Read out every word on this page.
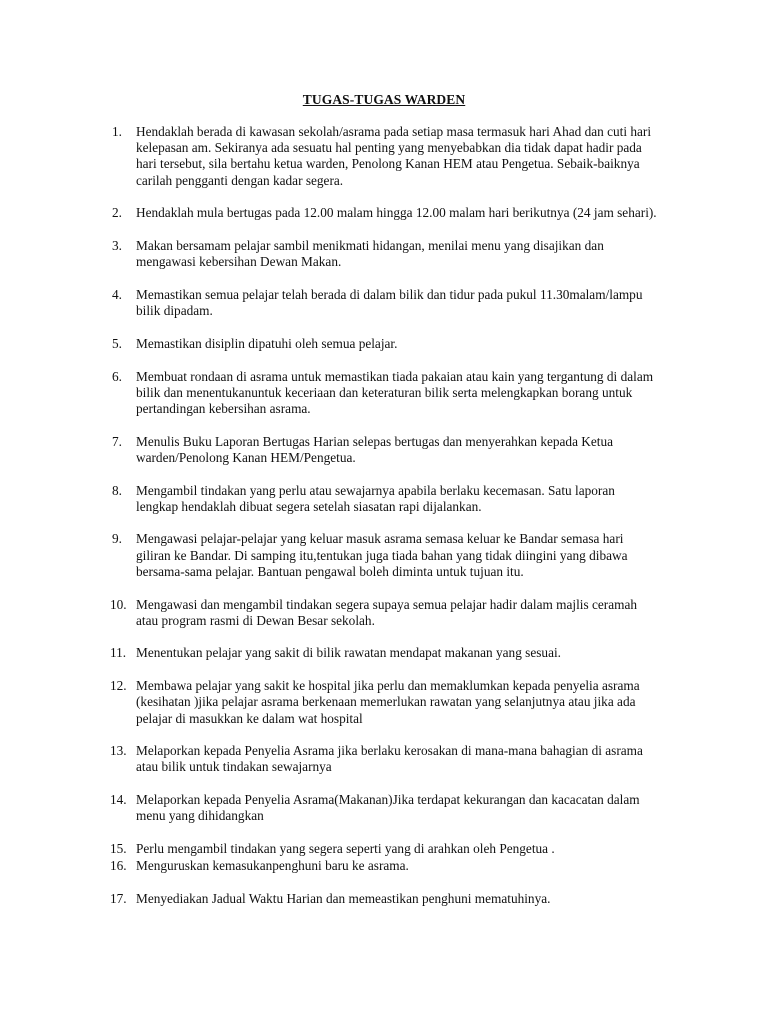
TUGAS-TUGAS WARDEN
1.	Hendaklah berada di kawasan sekolah/asrama pada setiap masa termasuk hari Ahad dan cuti hari
kelepasan am. Sekiranya ada sesuatu hal penting yang menyebabkan dia tidak dapat hadir pada
hari tersebut, sila bertahu ketua warden, Penolong Kanan HEM atau Pengetua. Sebaik-baiknya
carilah pengganti dengan kadar segera.
2.	Hendaklah mula bertugas pada 12.00 malam hingga 12.00 malam hari berikutnya (24 jam sehari).
3.	Makan bersamam pelajar sambil menikmati hidangan, menilai menu yang disajikan dan
mengawasi kebersihan Dewan Makan.
4.	Memastikan semua pelajar telah berada di dalam bilik dan tidur pada pukul 11.30malam/lampu
bilik dipadam.
5.	Memastikan disiplin dipatuhi oleh semua pelajar.
6.	Membuat rondaan di asrama untuk memastikan tiada pakaian atau kain yang tergantung di dalam
bilik dan menentukanuntuk keceriaan dan keteraturan bilik serta melengkapkan borang untuk
pertandingan kebersihan asrama.
7.	Menulis Buku Laporan Bertugas Harian selepas bertugas dan menyerahkan kepada Ketua
warden/Penolong Kanan HEM/Pengetua.
8.	Mengambil tindakan yang perlu atau sewajarnya apabila berlaku kecemasan. Satu laporan
lengkap hendaklah dibuat segera setelah siasatan rapi dijalankan.
9.	Mengawasi pelajar-pelajar yang keluar masuk asrama semasa keluar ke Bandar semasa hari
giliran ke Bandar. Di samping itu,tentukan juga tiada bahan yang tidak diingini yang dibawa
bersama-sama pelajar. Bantuan pengawal boleh diminta untuk tujuan itu.
10. Mengawasi dan mengambil tindakan segera supaya semua pelajar hadir dalam majlis ceramah
atau program rasmi di Dewan Besar sekolah.
11. Menentukan pelajar yang sakit di bilik rawatan mendapat makanan yang sesuai.
12. Membawa pelajar yang sakit ke hospital jika perlu dan memaklumkan kepada penyelia asrama
(kesihatan )jika pelajar asrama berkenaan memerlukan rawatan yang selanjutnya atau jika ada
pelajar di masukkan ke dalam wat hospital
13. Melaporkan kepada Penyelia Asrama jika berlaku kerosakan di mana-mana bahagian di asrama
atau bilik untuk tindakan sewajarnya
14. Melaporkan kepada Penyelia Asrama(Makanan)Jika terdapat kekurangan dan kacacatan dalam
menu yang dihidangkan
15. Perlu mengambil tindakan yang segera seperti yang di arahkan oleh Pengetua .
16. Menguruskan kemasukanpenghuni baru ke asrama.
17. Menyediakan Jadual Waktu Harian dan memeastikan penghuni mematuhinya.
